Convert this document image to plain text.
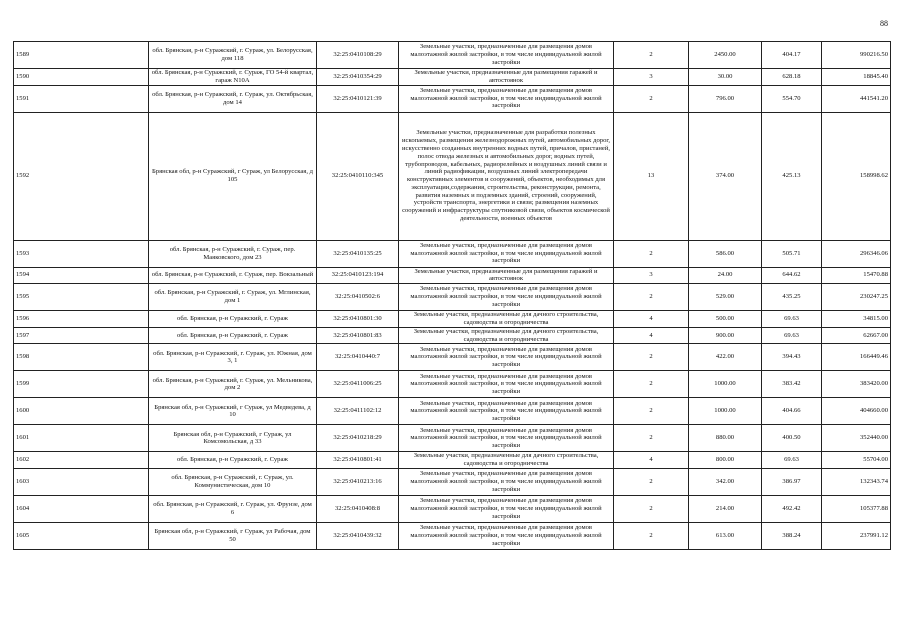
88
1589	обл. Брянская, р-н Суражский, г. Сураж, ул. Белорусская, дом 118	32:25:0410108:29	Земельные участки, предназначенные для размещения домов малоэтажной жилой застройки, в том числе индивидуальной жилой застройки	2	2450.00	404.17	990216.50
1590	обл. Брянская, р-н Суражский, г. Сураж, ГО 54-й квартал, гараж N10А	32:25:0410354:29	Земельные участки, предназначенные для размещения гаражей и автостоянок	3	30.00	628.18	18845.40
1591	обл. Брянская, р-н Суражский, г. Сураж, ул. Октябрьская, дом 14	32:25:0410121:39	Земельные участки, предназначенные для размещения домов малоэтажной жилой застройки, в том числе индивидуальной жилой застройки	2	796.00	554.70	441541.20
1592	Брянская обл, р-н Суражский, г Сураж, ул Белорусская, д 105	32:25:0410110:345	Земельные участки, предназначенные для разработки полезных ископаемых, размещения железнодорожных путей, автомобильных дорог, искусственно созданных внутренних водных путей, причалов, пристаней, полос отвода железных и автомобильных дорог, водных путей, трубопроводов, кабельных, радиорелейных и воздушных линий связи и линий радиофикации, воздушных линий электропередачи конструктивных элементов и сооружений, объектов, необходимых для эксплуатации,содержания, строительства, реконструкции, ремонта, развития наземных и подземных зданий, строений, сооружений, устройств транспорта, энергетики и связи; размещения наземных сооружений и инфраструктуры спутниковой связи, объектов космической деятельности, военных объектов	13	374.00	425.13	158998.62
1593	обл. Брянская, р-н Суражский, г. Сураж, пер. Маяковского, дом 23	32:25:0410135:25	Земельные участки, предназначенные для размещения домов малоэтажной жилой застройки, в том числе индивидуальной жилой застройки	2	586.00	505.71	296346.06
1594	обл. Брянская, р-н Суражский, г. Сураж, пер. Вокзальный	32:25:0410123:194	Земельные участки, предназначенные для размещения гаражей и автостоянок	3	24.00	644.62	15470.88
1595	обл. Брянская, р-н Суражский, г. Сураж, ул. Мглинская, дом 1	32:25:0410502:6	Земельные участки, предназначенные для размещения домов малоэтажной жилой застройки, в том числе индивидуальной жилой застройки	2	529.00	435.25	230247.25
1596	обл. Брянская, р-н Суражский, г. Сураж	32:25:0410801:30	Земельные участки, предназначенные для дачного строительства, садоводства и огородничества	4	500.00	69.63	34815.00
1597	обл. Брянская, р-н Суражский, г. Сураж	32:25:0410801:83	Земельные участки, предназначенные для дачного строительства, садоводства и огородничества	4	900.00	69.63	62667.00
1598	обл. Брянская, р-н Суражский, г. Сураж, ул. Южная, дом 3, 1	32:25:0410440:7	Земельные участки, предназначенные для размещения домов малоэтажной жилой застройки, в том числе индивидуальной жилой застройки	2	422.00	394.43	166449.46
1599	обл. Брянская, р-н Суражский, г. Сураж, ул. Мельникова, дом 2	32:25:0411006:25	Земельные участки, предназначенные для размещения домов малоэтажной жилой застройки, в том числе индивидуальной жилой застройки	2	1000.00	383.42	383420.00
1600	Брянская обл, р-н Суражский, г Сураж, ул Медведева, д 10	32:25:0411102:12	Земельные участки, предназначенные для размещения домов малоэтажной жилой застройки, в том числе индивидуальной жилой застройки	2	1000.00	404.66	404660.00
1601	Брянская обл, р-н Суражский, г Сураж, ул Комсомольская, д 33	32:25:0410218:29	Земельные участки, предназначенные для размещения домов малоэтажной жилой застройки, в том числе индивидуальной жилой застройки	2	880.00	400.50	352440.00
1602	обл. Брянская, р-н Суражский, г. Сураж	32:25:0410801:41	Земельные участки, предназначенные для дачного строительства, садоводства и огородничества	4	800.00	69.63	55704.00
1603	обл. Брянская, р-н Суражский, г. Сураж, ул. Коммунистическая, дом 10	32:25:0410213:16	Земельные участки, предназначенные для размещения домов малоэтажной жилой застройки, в том числе индивидуальной жилой застройки	2	342.00	386.97	132343.74
1604	обл. Брянская, р-н Суражский, г. Сураж, ул. Фрунзе, дом 6	32:25:0410408:8	Земельные участки, предназначенные для размещения домов малоэтажной жилой застройки, в том числе индивидуальной жилой застройки	2	214.00	492.42	105377.88
1605	Брянская обл, р-н Суражский, г Сураж, ул Рабочая, дом 50	32:25:0410439:32	Земельные участки, предназначенные для размещения домов малоэтажной жилой застройки, в том числе индивидуальной жилой застройки	2	613.00	388.24	237991.12
